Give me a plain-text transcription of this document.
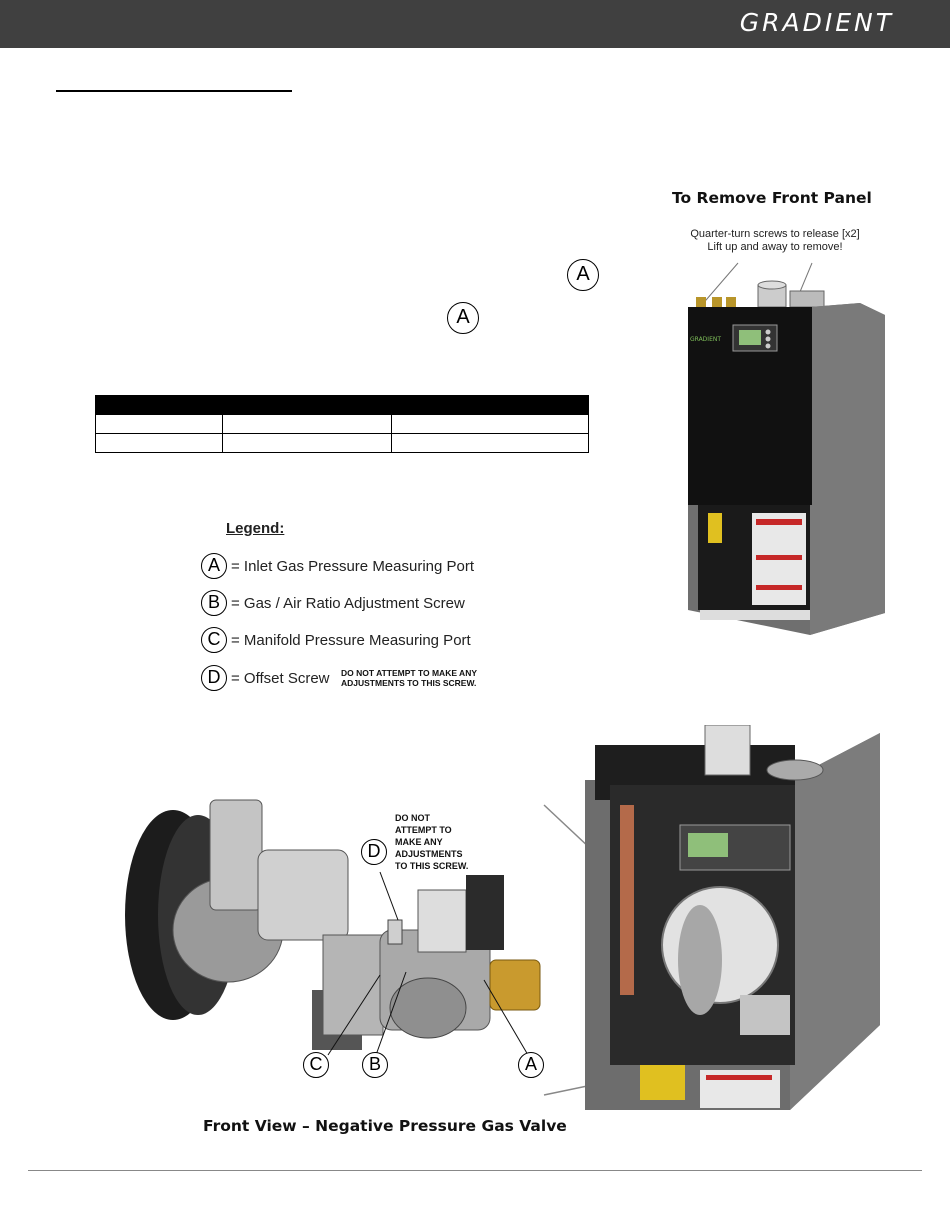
GRADIENT
A
A

To Remove Front Panel
Quarter-turn screws to release [x2]
Lift up and away to remove!
GRADIENT
Legend:
A = Inlet Gas Pressure Measuring Port
B = Gas / Air Ratio Adjustment Screw
C = Manifold Pressure Measuring Port
D = Offset Screw DO NOT ATTEMPT TO MAKE ANY
ADJUSTMENTS TO THIS SCREW.
D
C	B	A
DO NOT
ATTEMPT TO
MAKE ANY
ADJUSTMENTS
TO THIS SCREW.
Front View – Negative Pressure Gas Valve
